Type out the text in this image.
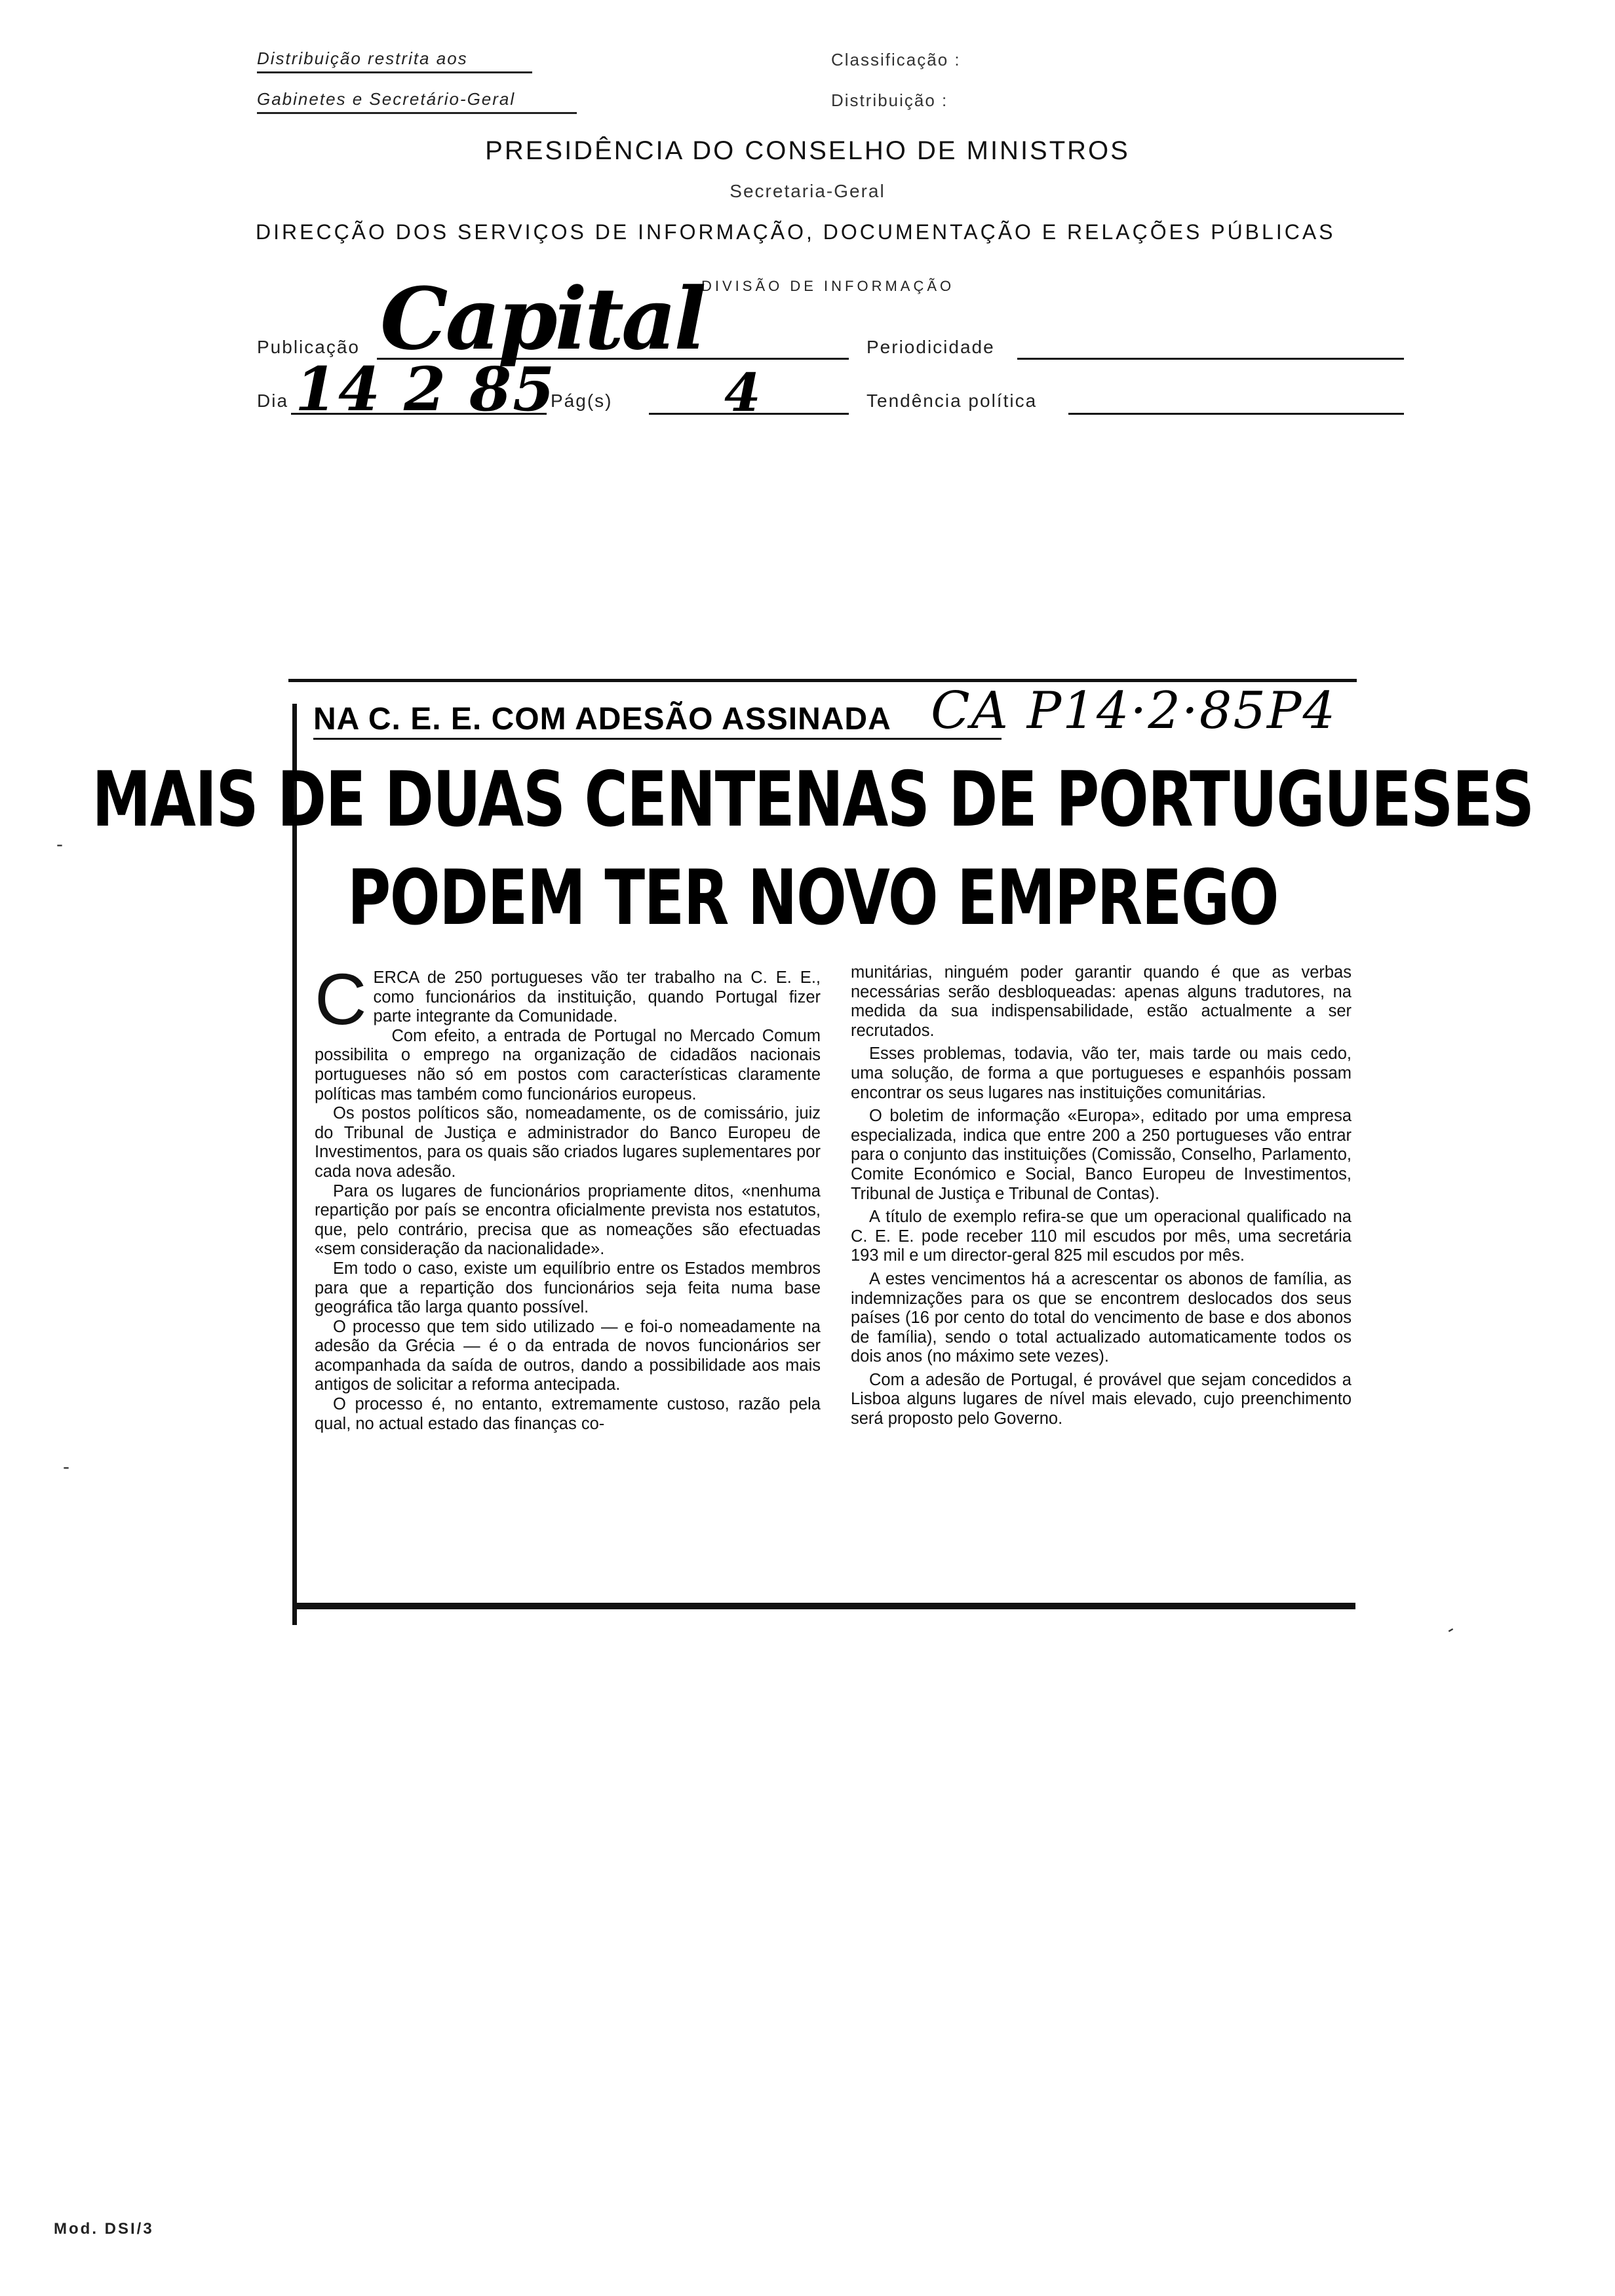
Distribuição restrita aos
Gabinetes e Secretário-Geral
Classificação :
Distribuição :
PRESIDÊNCIA DO CONSELHO DE MINISTROS
Secretaria-Geral
DIRECÇÃO DOS SERVIÇOS DE INFORMAÇÃO, DOCUMENTAÇÃO E RELAÇÕES PÚBLICAS
DIVISÃO DE INFORMAÇÃO
Publicação Capital	Periodicidade
Dia 14 2 85
Pág(s) 4	Tendência política
NA C. E. E. COM ADESÃO ASSINADA CA P14·2·85P4
MAIS DE DUAS CENTENAS DE PORTUGUESES
PODEM TER NOVO EMPREGO

CERCA de 250 portugueses vão ter trabalho na C. E. E., como funcionários da instituição, quando Portugal fizer parte integrante da Comunidade.

Com efeito, a entrada de Portugal no Mercado Comum possibilita o emprego na organização de cidadãos nacionais portugueses não só em postos com características claramente políticas mas também como funcionários europeus.

Os postos políticos são, nomeadamente, os de comissário, juiz do Tribunal de Justiça e administrador do Banco Europeu de Investimentos, para os quais são criados lugares suplementares por cada nova adesão.

Para os lugares de funcionários propriamente ditos, «nenhuma repartição por país se encontra oficialmente prevista nos estatutos, que, pelo contrário, precisa que as nomeações são efectuadas «sem consideração da nacionalidade».

Em todo o caso, existe um equilíbrio entre os Estados membros para que a repartição dos funcionários seja feita numa base geográfica tão larga quanto possível.

O processo que tem sido utilizado — e foi-o nomeadamente na adesão da Grécia — é o da entrada de novos funcionários ser acompanhada da saída de outros, dando a possibilidade aos mais antigos de solicitar a reforma antecipada.

O processo é, no entanto, extremamente custoso, razão pela qual, no actual estado das finanças co-

munitárias, ninguém poder garantir quando é que as verbas necessárias serão desbloqueadas: apenas alguns tradutores, na medida da sua indispensabilidade, estão actualmente a ser recrutados.

Esses problemas, todavia, vão ter, mais tarde ou mais cedo, uma solução, de forma a que portugueses e espanhóis possam encontrar os seus lugares nas instituições comunitárias.

O boletim de informação «Europa», editado por uma empresa especializada, indica que entre 200 a 250 portugueses vão entrar para o conjunto das instituições (Comissão, Conselho, Parlamento, Comite Económico e Social, Banco Europeu de Investimentos, Tribunal de Justiça e Tribunal de Contas).

A título de exemplo refira-se que um operacional qualificado na C. E. E. pode receber 110 mil escudos por mês, uma secretária 193 mil e um director-geral 825 mil escudos por mês.

A estes vencimentos há a acrescentar os abonos de família, as indemnizações para os que se encontrem deslocados dos seus países (16 por cento do total do vencimento de base e dos abonos de família), sendo o total actualizado automaticamente todos os dois anos (no máximo sete vezes).

Com a adesão de Portugal, é provável que sejam concedidos a Lisboa alguns lugares de nível mais elevado, cujo preenchimento será proposto pelo Governo.

-
-
-
Mod. DSI/3
